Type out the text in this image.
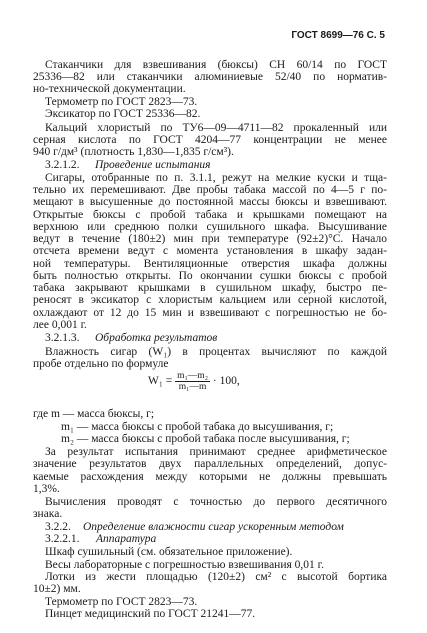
ГОСТ 8699—76 С. 5
Стаканчики для взвешивания (бюксы) СН 60/14 по ГОСТ
25336—82 или стаканчики алюминиевые 52/40 по норматив-
но-технической документации.
Термометр по ГОСТ 2823—73.
Эксикатор по ГОСТ 25336—82.
Кальций хлористый по ТУ6—09—4711—82 прокаленный или
серная кислота по ГОСТ 4204—77 концентрации не менее
940 г/дм³ (плотность 1,830—1,835 г/см³).
3.2.1.2.	Проведение испытания
Сигары, отобранные по п. 3.1.1, режут на мелкие куски и тща-
тельно их перемешивают. Две пробы табака массой по 4—5 г по-
мещают в высушенные до постоянной массы бюксы и взвешивают.
Открытые бюксы с пробой табака и крышками помещают на
верхнюю или среднюю полки сушильного шкафа. Высушивание
ведут в течение (180±2) мин при температуре (92±2)°С. Начало
отсчета времени ведут с момента установления в шкафу задан-
ной температуры. Вентиляционные отверстия шкафа должны
быть полностью открыты. По окончании сушки бюксы с пробой
табака закрывают крышками в сушильном шкафу, быстро пе-
реносят в эксикатор с хлористым кальцием или серной кислотой,
охлаждают от 12 до 15 мин и взвешивают с погрешностью не бо-
лее 0,001 г.
3.2.1.3.	Обработка результатов
Влажность сигар (W₁) в процентах вычисляют по каждой
пробе отдельно по формуле
$W_1 = \frac{\text{m₁—m₂}}{\text{m₁—m}} \cdot 100$,
где m — масса бюксы, г;
m₁ — масса бюксы с пробой табака до высушивания, г;
m₂ — масса бюксы с пробой табака после высушивания, г;
За результат испытания принимают среднее арифметическое
значение результатов двух параллельных определений, допус-
каемые расхождения между которыми не должны превышать
1,3%.
Вычисления проводят с точностью до первого десятичного
знака.
3.2.2.	Определение влажности сигар ускоренным методом
3.2.2.1.	Аппаратура
Шкаф сушильный (см. обязательное приложение).
Весы лабораторные с погрешностью взвешивания 0,01 г.
Лотки из жести площадью (120±2) см² с высотой бортика
10±2) мм.
Термометр по ГОСТ 2823—73.
Пинцет медицинский по ГОСТ 21241—77.
